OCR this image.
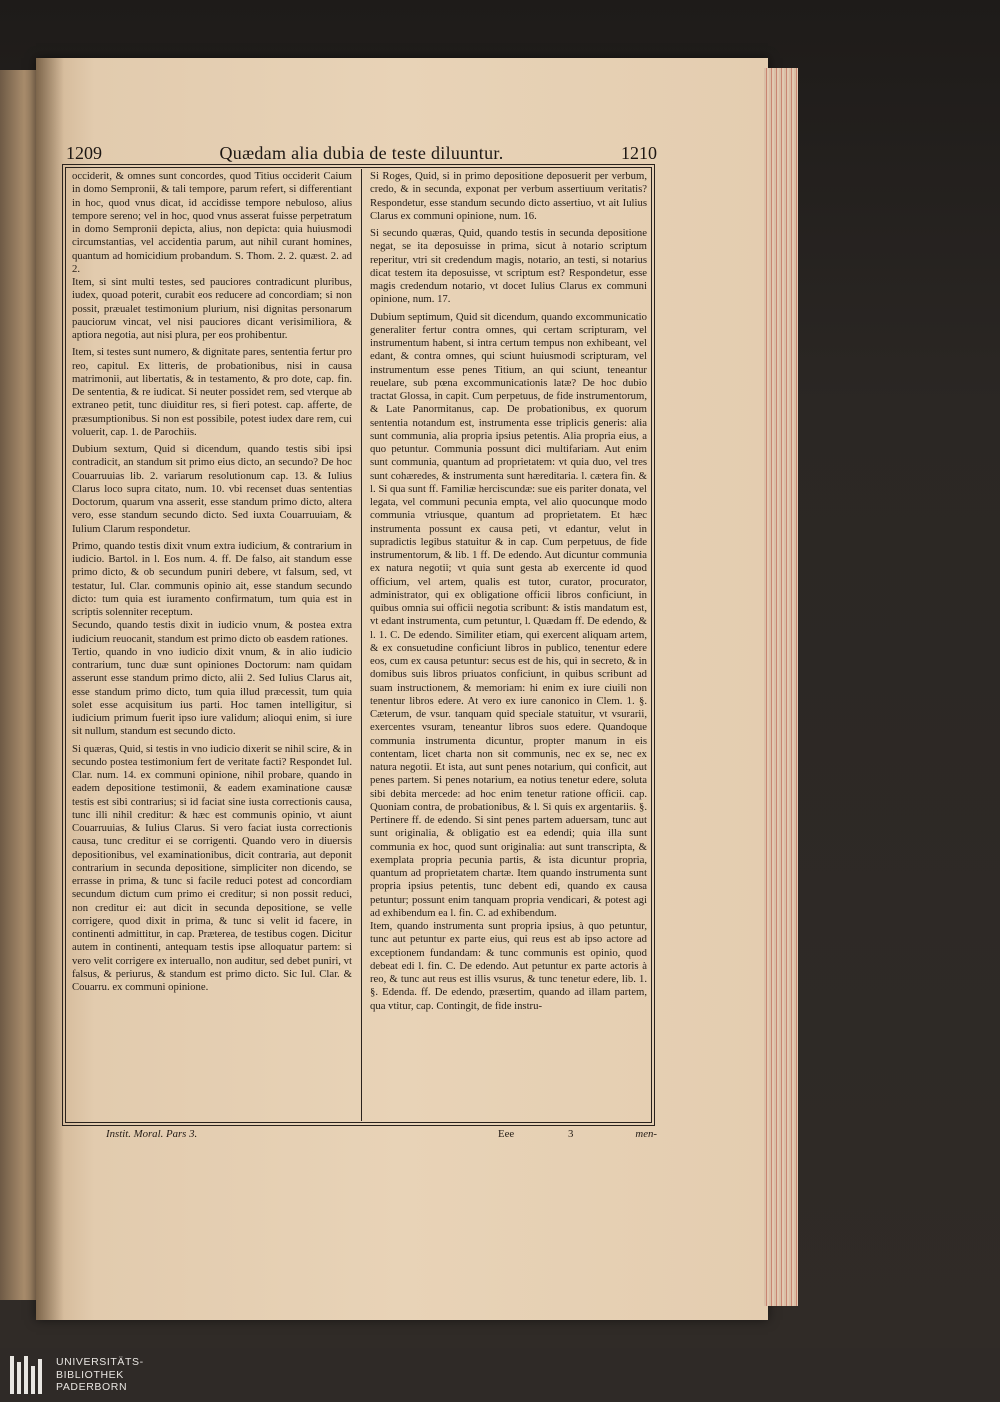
1209	Quædam alia dubia de teste diluuntur.	1210

occiderit, & omnes sunt concordes, quod Titius occiderit Caium in domo Sempronii, & tali tempore, parum refert, si differentiant in hoc, quod vnus dicat, id accidisse tempore nebuloso, alius tempore sereno; vel in hoc, quod vnus asserat fuisse perpetratum in domo Sempronii depicta, alius, non depicta: quia huiusmodi circumstantias, vel accidentia parum, aut nihil curant homines, quantum ad homicidium probandum. S. Thom. 2. 2. quæst. 2. ad 2.

Item, si sint multi testes, sed pauciores contradicunt pluribus, iudex, quoad poterit, curabit eos reducere ad concordiam; si non possit, præualet testimonium plurium, nisi dignitas personarum paucioruм vincat, vel nisi pauciores dicant verisimiliora, & aptiora negotia, aut nisi plura, per eos prohibentur.

Item, si testes sunt numero, & dignitate pares, sententia fertur pro reo, capitul. Ex litteris, de probationibus, nisi in causa matrimonii, aut libertatis, & in testamento, & pro dote, cap. fin. De sententia, & re iudicat. Si neuter possidet rem, sed vterque ab extraneo petit, tunc diuiditur res, si fieri potest. cap. afferte, de præsumptionibus. Si non est possibile, potest iudex dare rem, cui voluerit, cap. 1. de Parochiis.

Dubium sextum, Quid si dicendum, quando testis sibi ipsi contradicit, an standum sit primo eius dicto, an secundo? De hoc Couarruuias lib. 2. variarum resolutionum cap. 13. & Iulius Clarus loco supra citato, num. 10. vbi recenset duas sententias Doctorum, quarum vna asserit, esse standum primo dicto, altera vero, esse standum secundo dicto. Sed iuxta Couarruuiam, & Iulium Clarum respondetur.

Primo, quando testis dixit vnum extra iudicium, & contrarium in iudicio. Bartol. in l. Eos num. 4. ff. De falso, ait standum esse primo dicto, & ob secundum puniri debere, vt falsum, sed, vt testatur, Iul. Clar. communis opinio ait, esse standum secundo dicto: tum quia est iuramento confirmatum, tum quia est in scriptis solenniter receptum.

Secundo, quando testis dixit in iudicio vnum, & postea extra iudicium reuocanit, standum est primo dicto ob easdem rationes.

Tertio, quando in vno iudicio dixit vnum, & in alio iudicio contrarium, tunc duæ sunt opiniones Doctorum: nam quidam asserunt esse standum primo dicto, alii 2. Sed Iulius Clarus ait, esse standum primo dicto, tum quia illud præcessit, tum quia solet esse acquisitum ius parti. Hoc tamen intelligitur, si iudicium primum fuerit ipso iure validum; alioqui enim, si iure sit nullum, standum est secundo dicto.

Si quæras, Quid, si testis in vno iudicio dixerit se nihil scire, & in secundo postea testimonium fert de veritate facti? Respondet Iul. Clar. num. 14. ex communi opinione, nihil probare, quando in eadem depositione testimonii, & eadem examinatione causæ testis est sibi contrarius; si id faciat sine iusta correctionis causa, tunc illi nihil creditur: & hæc est communis opinio, vt aiunt Couarruuias, & Iulius Clarus. Si vero faciat iusta correctionis causa, tunc creditur ei se corrigenti. Quando vero in diuersis depositionibus, vel examinationibus, dicit contraria, aut deponit contrarium in secunda depositione, simpliciter non dicendo, se errasse in prima, & tunc si facile reduci potest ad concordiam secundum dictum cum primo ei creditur; si non possit reduci, non creditur ei: aut dicit in secunda depositione, se velle corrigere, quod dixit in prima, & tunc si velit id facere, in continenti admittitur, in cap. Præterea, de testibus cogen. Dicitur autem in continenti, antequam testis ipse alloquatur partem: si vero velit corrigere ex interuallo, non auditur, sed debet puniri, vt falsus, & periurus, & standum est primo dicto. Sic Iul. Clar. & Couarru. ex communi opinione.

Si Roges, Quid, si in primo depositione deposuerit per verbum, credo, & in secunda, exponat per verbum assertiuum veritatis? Respondetur, esse standum secundo dicto assertiuo, vt ait Iulius Clarus ex communi opinione, num. 16.

Si secundo quæras, Quid, quando testis in secunda depositione negat, se ita deposuisse in prima, sicut à notario scriptum reperitur, vtri sit credendum magis, notario, an testi, si notarius dicat testem ita deposuisse, vt scriptum est? Respondetur, esse magis credendum notario, vt docet Iulius Clarus ex communi opinione, num. 17.

Dubium septimum, Quid sit dicendum, quando excommunicatio generaliter fertur contra omnes, qui certam scripturam, vel instrumentum habent, si intra certum tempus non exhibeant, vel edant, & contra omnes, qui sciunt huiusmodi scripturam, vel instrumentum esse penes Titium, an qui sciunt, teneantur reuelare, sub pœna excommunicationis latæ? De hoc dubio tractat Glossa, in capit. Cum perpetuus, de fide instrumentorum, & Late Panormitanus, cap. De probationibus, ex quorum sententia notandum est, instrumenta esse triplicis generis: alia sunt communia, alia propria ipsius petentis. Alia propria eius, a quo petuntur. Communia possunt dici multifariam. Aut enim sunt communia, quantum ad proprietatem: vt quia duo, vel tres sunt cohæredes, & instrumenta sunt hæreditaria. l. cætera fin. & l. Si qua sunt ff. Familiæ herciscundæ: sue eis pariter donata, vel legata, vel communi pecunia empta, vel alio quocunque modo communia vtriusque, quantum ad proprietatem. Et hæc instrumenta possunt ex causa peti, vt edantur, velut in supradictis legibus statuitur & in cap. Cum perpetuus, de fide instrumentorum, & lib. 1 ff. De edendo. Aut dicuntur communia ex natura negotii; vt quia sunt gesta ab exercente id quod officium, vel artem, qualis est tutor, curator, procurator, administrator, qui ex obligatione officii libros conficiunt, in quibus omnia sui officii negotia scribunt: & istis mandatum est, vt edant instrumenta, cum petuntur, l. Quædam ff. De edendo, & l. 1. C. De edendo. Similiter etiam, qui exercent aliquam artem, & ex consuetudine conficiunt libros in publico, tenentur edere eos, cum ex causa petuntur: secus est de his, qui in secreto, & in domibus suis libros priuatos conficiunt, in quibus scribunt ad suam instructionem, & memoriam: hi enim ex iure ciuili non tenentur libros edere. At vero ex iure canonico in Clem. 1. §. Cæterum, de vsur. tanquam quid speciale statuitur, vt vsurarii, exercentes vsuram, teneantur libros suos edere. Quandoque communia instrumenta dicuntur, propter manum in eis contentam, licet charta non sit communis, nec ex se, nec ex natura negotii. Et ista, aut sunt penes notarium, qui conficit, aut penes partem. Si penes notarium, ea notius tenetur edere, soluta sibi debita mercede: ad hoc enim tenetur ratione officii. cap. Quoniam contra, de probationibus, & l. Si quis ex argentariis. §. Pertinere ff. de edendo. Si sint penes partem aduersam, tunc aut sunt originalia, & obligatio est ea edendi; quia illa sunt communia ex hoc, quod sunt originalia: aut sunt transcripta, & exemplata propria pecunia partis, & ista dicuntur propria, quantum ad proprietatem chartæ. Item quando instrumenta sunt propria ipsius petentis, tunc debent edi, quando ex causa petuntur; possunt enim tanquam propria vendicari, & potest agi ad exhibendum ea l. fin. C. ad exhibendum.

Item, quando instrumenta sunt propria ipsius, à quo petuntur, tunc aut petuntur ex parte eius, qui reus est ab ipso actore ad exceptionem fundandam: & tunc communis est opinio, quod debeat edi l. fin. C. De edendo. Aut petuntur ex parte actoris à reo, & tunc aut reus est illis vsurus, & tunc tenetur edere, lib. 1. §. Edenda. ff. De edendo, præsertim, quando ad illam partem, qua vtitur, cap. Contingit, de fide instru-

Instit. Moral. Pars 3.	Eee	3	men-
UNIVERSITÄTS-
BIBLIOTHEK
PADERBORN
